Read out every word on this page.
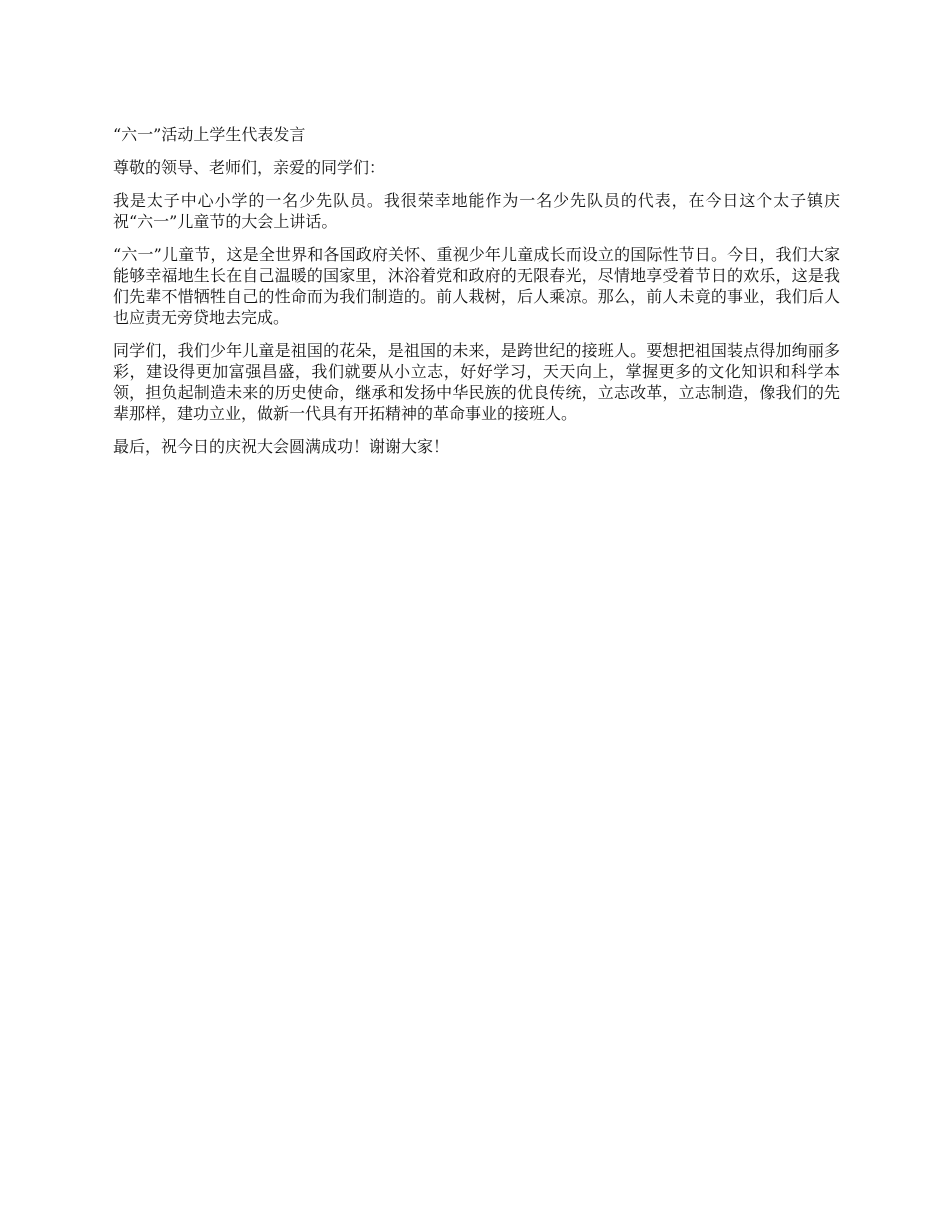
“六一”活动上学生代表发言

尊敬的领导、老师们，亲爱的同学们：

我是太子中心小学的一名少先队员。我很荣幸地能作为一名少先队员的代表，在今日这个太子镇庆祝“六一”儿童节的大会上讲话。

“六一”儿童节，这是全世界和各国政府关怀、重视少年儿童成长而设立的国际性节日。今日，我们大家能够幸福地生长在自己温暖的国家里，沐浴着党和政府的无限春光，尽情地享受着节日的欢乐，这是我们先辈不惜牺牲自己的性命而为我们制造的。前人栽树，后人乘凉。那么，前人未竟的事业，我们后人也应责无旁贷地去完成。

同学们，我们少年儿童是祖国的花朵，是祖国的未来，是跨世纪的接班人。要想把祖国装点得加绚丽多彩，建设得更加富强昌盛，我们就要从小立志，好好学习，天天向上，掌握更多的文化知识和科学本领，担负起制造未来的历史使命，继承和发扬中华民族的优良传统，立志改革，立志制造，像我们的先辈那样，建功立业，做新一代具有开拓精神的革命事业的接班人。

最后，祝今日的庆祝大会圆满成功！谢谢大家！
